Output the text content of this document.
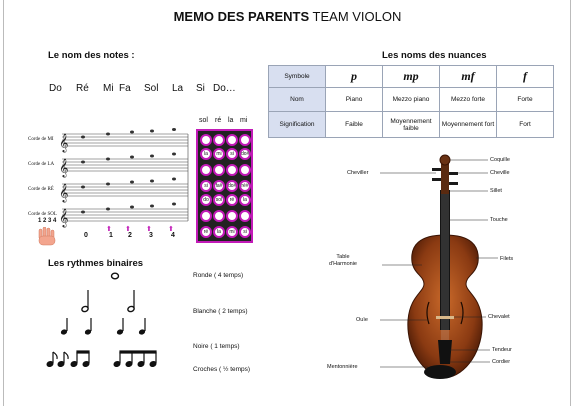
MEMO DES PARENTS TEAM VIOLON
Le nom des notes :
Do Ré Mi Fa Sol La Si Do…
𝄞
𝄞
𝄞
𝄞
Corde de MI
Corde de LA
Corde de RÉ
Corde de SOL
1 2 3 4
0	1 2 3	4
⬆ ⬆ ⬆ ⬆
sol ré la mi
la	mi	si	do#
si	fa#	do#	ré#
do	sol	ré	la
ré	la	mi	si
Les rythmes binaires
Ronde ( 4 temps)
Blanche ( 2 temps)
Noire ( 1 temps)
Croches ( ½ temps)
Les noms des nuances
Symbole	p	mp	mf	f
Nom	Piano	Mezzo piano	Mezzo forte	Forte
Signification	Faible	Moyennement faible	Moyennement fort	Fort
Coquille
Cheville
Cheviller
Sillet
Touche
Table d'Harmonie
Filets
Ouïe	Chevalet
Tendeur
Cordier
Mentonnière
